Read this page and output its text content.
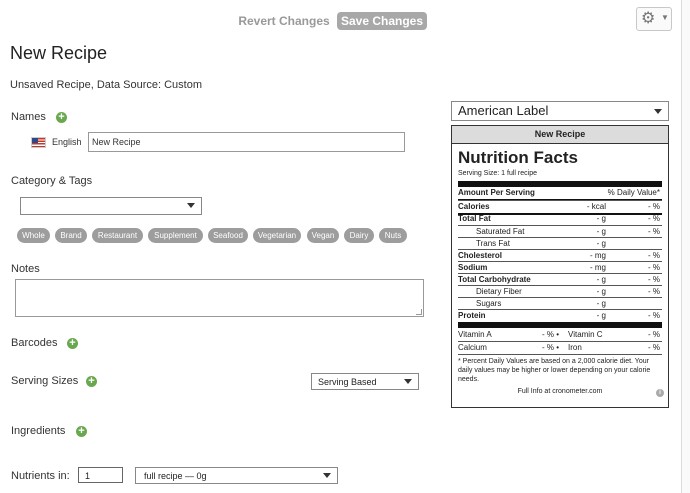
Revert Changes Save Changes	⚙ ▼
New Recipe
Unsaved Recipe, Data Source: Custom
Names +
English	New Recipe
Category & Tags
Whole	Brand	Restaurant	Supplement	Seafood	Vegetarian	Vegan	Dairy	Nuts
Notes
Barcodes +
Serving Sizes +	Serving Based
Ingredients +
Nutrients in:	1	full recipe — 0g
American Label
New Recipe
Nutrition Facts
Serving Size: 1 full recipe
Amount Per Serving	% Daily Value*
Calories	- kcal	- %
Total Fat	- g	- %
Saturated Fat	- g	- %
Trans Fat	- g
Cholesterol	- mg	- %
Sodium	- mg	- %
Total Carbohydrate	- g	- %
Dietary Fiber	- g	- %
Sugars	- g
Protein	- g	- %
Vitamin A	- % • Vitamin C	- %
Calcium	- % • Iron	- %
* Percent Daily Values are based on a 2,000 calorie diet. Your daily values may be higher or lower depending on your calorie needs.
Full Info at cronometer.com	i
